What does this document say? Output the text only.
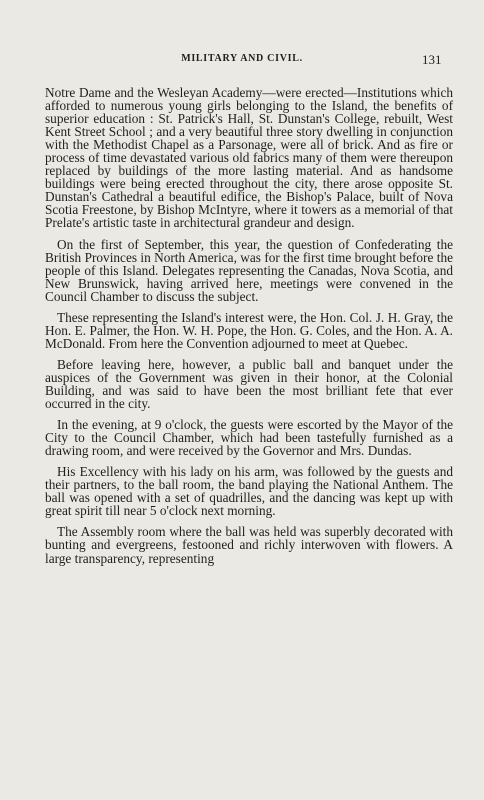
MILITARY AND CIVIL.	131

Notre Dame and the Wesleyan Academy—were erected—Institutions which afforded to numerous young girls belonging to the Island, the benefits of superior education : St. Patrick's Hall, St. Dunstan's College, rebuilt, West Kent Street School ; and a very beautiful three story dwelling in conjunction with the Methodist Chapel as a Parsonage, were all of brick. And as fire or process of time devastated various old fabrics many of them were thereupon replaced by buildings of the more lasting material. And as handsome buildings were being erected throughout the city, there arose opposite St. Dunstan's Cathedral a beautiful edifice, the Bishop's Palace, built of Nova Scotia Freestone, by Bishop McIntyre, where it towers as a memorial of that Prelate's artistic taste in architectural grandeur and design.

On the first of September, this year, the question of Confederating the British Provinces in North America, was for the first time brought before the people of this Island. Delegates representing the Canadas, Nova Scotia, and New Brunswick, having arrived here, meetings were convened in the Council Chamber to discuss the subject.

These representing the Island's interest were, the Hon. Col. J. H. Gray, the Hon. E. Palmer, the Hon. W. H. Pope, the Hon. G. Coles, and the Hon. A. A. McDonald. From here the Convention adjourned to meet at Quebec.

Before leaving here, however, a public ball and banquet under the auspices of the Government was given in their honor, at the Colonial Building, and was said to have been the most brilliant fete that ever occurred in the city.

In the evening, at 9 o'clock, the guests were escorted by the Mayor of the City to the Council Chamber, which had been tastefully furnished as a drawing room, and were received by the Governor and Mrs. Dundas.

His Excellency with his lady on his arm, was followed by the guests and their partners, to the ball room, the band playing the National Anthem. The ball was opened with a set of quadrilles, and the dancing was kept up with great spirit till near 5 o'clock next morning.

The Assembly room where the ball was held was superbly decorated with bunting and evergreens, festooned and richly interwoven with flowers. A large transparency, representing
